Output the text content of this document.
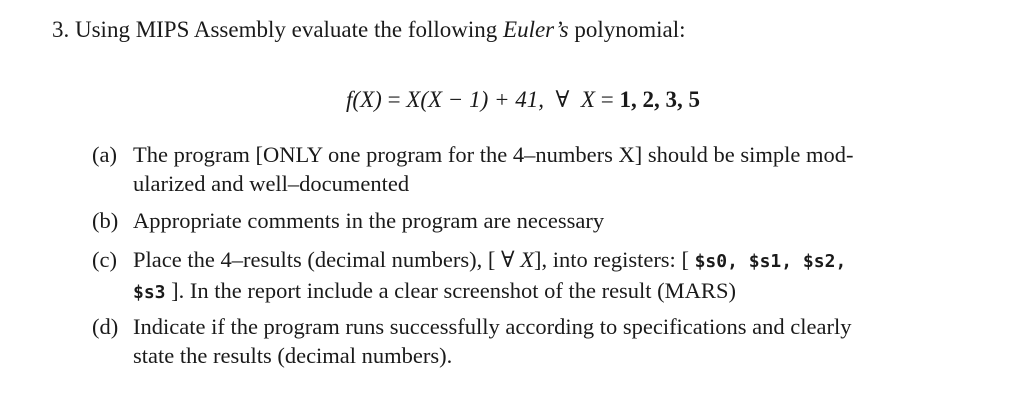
3. Using MIPS Assembly evaluate the following Euler’s polynomial:
f(X) = X(X − 1) + 41,  ∀  X = 1, 2, 3, 5
(a) The program [ONLY one program for the 4–numbers X] should be simple mod-
ularized and well–documented
(b) Appropriate comments in the program are necessary
(c) Place the 4–results (decimal numbers), [ ∀ X], into registers: [ $s0, $s1, $s2,
$s3 ]. In the report include a clear screenshot of the result (MARS)
(d) Indicate if the program runs successfully according to specifications and clearly
state the results (decimal numbers).
